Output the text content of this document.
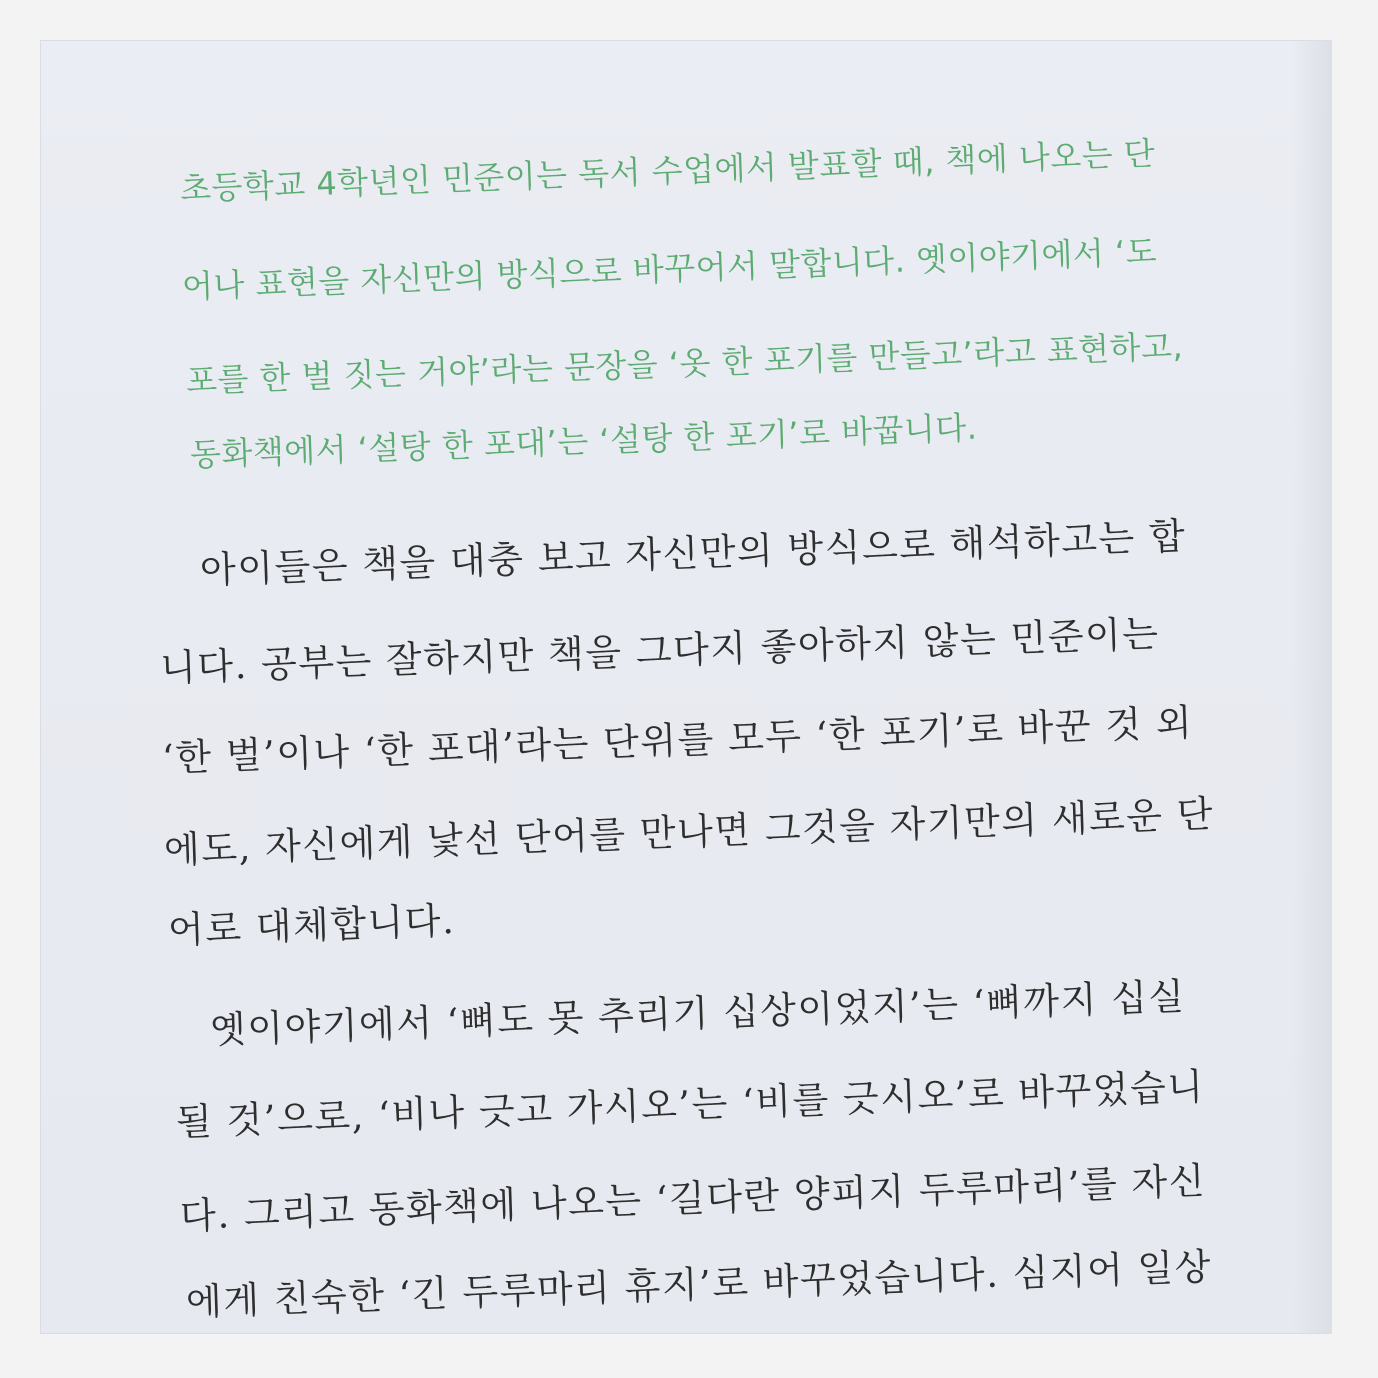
초등학교 4학년인 민준이는 독서 수업에서 발표할 때, 책에 나오는 단

어나 표현을 자신만의 방식으로 바꾸어서 말합니다. 옛이야기에서 ‘도

포를 한 벌 짓는 거야’라는 문장을 ‘옷 한 포기를 만들고’라고 표현하고,

동화책에서 ‘설탕 한 포대’는 ‘설탕 한 포기’로 바꿉니다.

아이들은 책을 대충 보고 자신만의 방식으로 해석하고는 합

니다. 공부는 잘하지만 책을 그다지 좋아하지 않는 민준이는

‘한 벌’이나 ‘한 포대’라는 단위를 모두 ‘한 포기’로 바꾼 것 외

에도, 자신에게 낯선 단어를 만나면 그것을 자기만의 새로운 단

어로 대체합니다.

옛이야기에서 ‘뼈도 못 추리기 십상이었지’는 ‘뼈까지 십실

될 것’으로, ‘비나 긋고 가시오’는 ‘비를 긋시오’로 바꾸었습니

다. 그리고 동화책에 나오는 ‘길다란 양피지 두루마리’를 자신

에게 친숙한 ‘긴 두루마리 휴지’로 바꾸었습니다. 심지어 일상
